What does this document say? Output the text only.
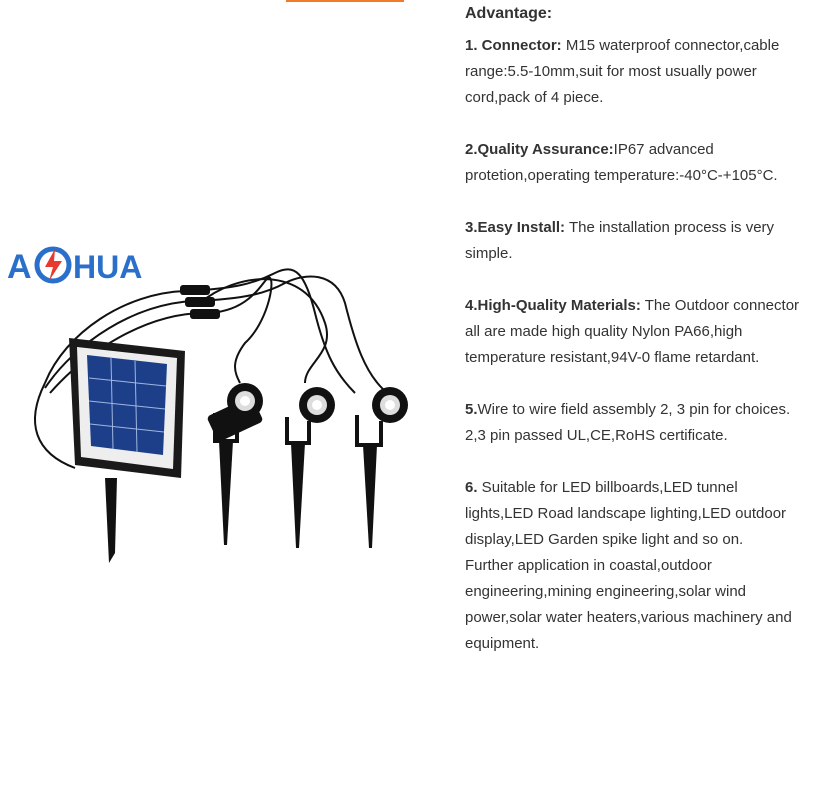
A HUA

Advantage:

1. Connector: M15 waterproof connector,cable range:5.5-10mm,suit for most usually power cord,pack of 4 piece.

2.Quality Assurance:IP67 advanced protetion,operating temperature:-40°C-+105°C.

3.Easy Install: The installation process is very simple.

4.High-Quality Materials: The Outdoor connector all are made high quality Nylon PA66,high temperature resistant,94V-0 flame retardant.

5.Wire to wire field assembly 2, 3 pin for choices.

2,3 pin passed UL,CE,RoHS certificate.

6. Suitable for LED billboards,LED tunnel lights,LED Road landscape lighting,LED outdoor display,LED Garden spike light and so on.

Further application in coastal,outdoor engineering,mining engineering,solar wind power,solar water heaters,various machinery and equipment.
